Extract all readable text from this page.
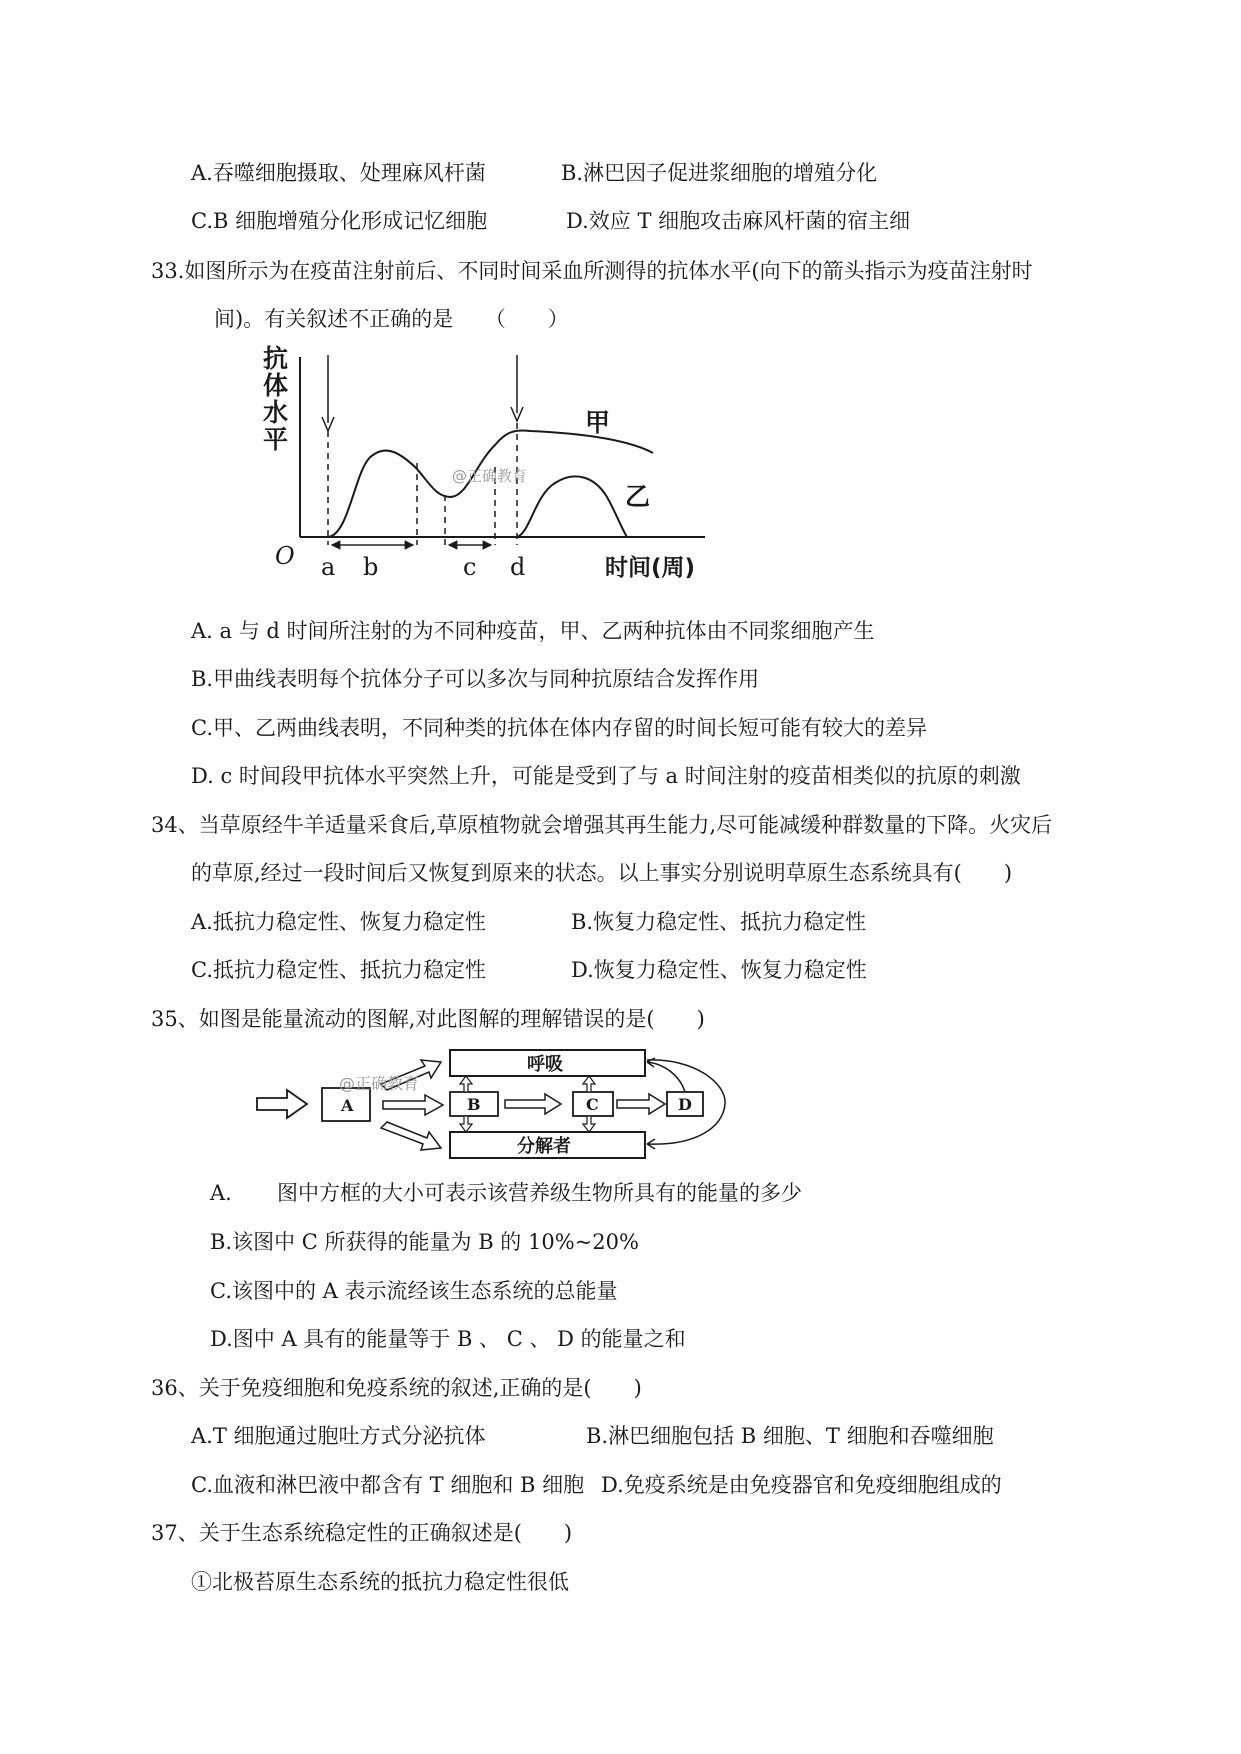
A.吞噬细胞摄取、处理麻风杆菌	B.淋巴因子促进浆细胞的增殖分化
C.B 细胞增殖分化形成记忆细胞	D.效应 T 细胞攻击麻风杆菌的宿主细
33.如图所示为在疫苗注射前后、不同时间采血所测得的抗体水平(向下的箭头指示为疫苗注射时
间)。有关叙述不正确的是　　（　　）
抗
体
水
平
O a b	c d	时间(周)
甲
乙
@正确教育
A. a 与 d 时间所注射的为不同种疫苗，甲、乙两种抗体由不同浆细胞产生
B.甲曲线表明每个抗体分子可以多次与同种抗原结合发挥作用
C.甲、乙两曲线表明，不同种类的抗体在体内存留的时间长短可能有较大的差异
D. c 时间段甲抗体水平突然上升，可能是受到了与 a 时间注射的疫苗相类似的抗原的刺激
34、当草原经牛羊适量采食后,草原植物就会增强其再生能力,尽可能减缓种群数量的下降。火灾后
的草原,经过一段时间后又恢复到原来的状态。以上事实分别说明草原生态系统具有(　　)
A.抵抗力稳定性、恢复力稳定性	B.恢复力稳定性、抵抗力稳定性
C.抵抗力稳定性、抵抗力稳定性	D.恢复力稳定性、恢复力稳定性
35、如图是能量流动的图解,对此图解的理解错误的是(　　)
呼吸
分解者
A	B	C	D
@正确教育
A. 图中方框的大小可表示该营养级生物所具有的能量的多少
B.该图中 C 所获得的能量为 B 的 10%~20%
C.该图中的 A 表示流经该生态系统的总能量
D.图中 A 具有的能量等于 B 、 C 、 D 的能量之和
36、关于免疫细胞和免疫系统的叙述,正确的是(　　)
A.T 细胞通过胞吐方式分泌抗体	B.淋巴细胞包括 B 细胞、T 细胞和吞噬细胞
C.血液和淋巴液中都含有 T 细胞和 B 细胞 D.免疫系统是由免疫器官和免疫细胞组成的
37、关于生态系统稳定性的正确叙述是(　　)
①北极苔原生态系统的抵抗力稳定性很低
